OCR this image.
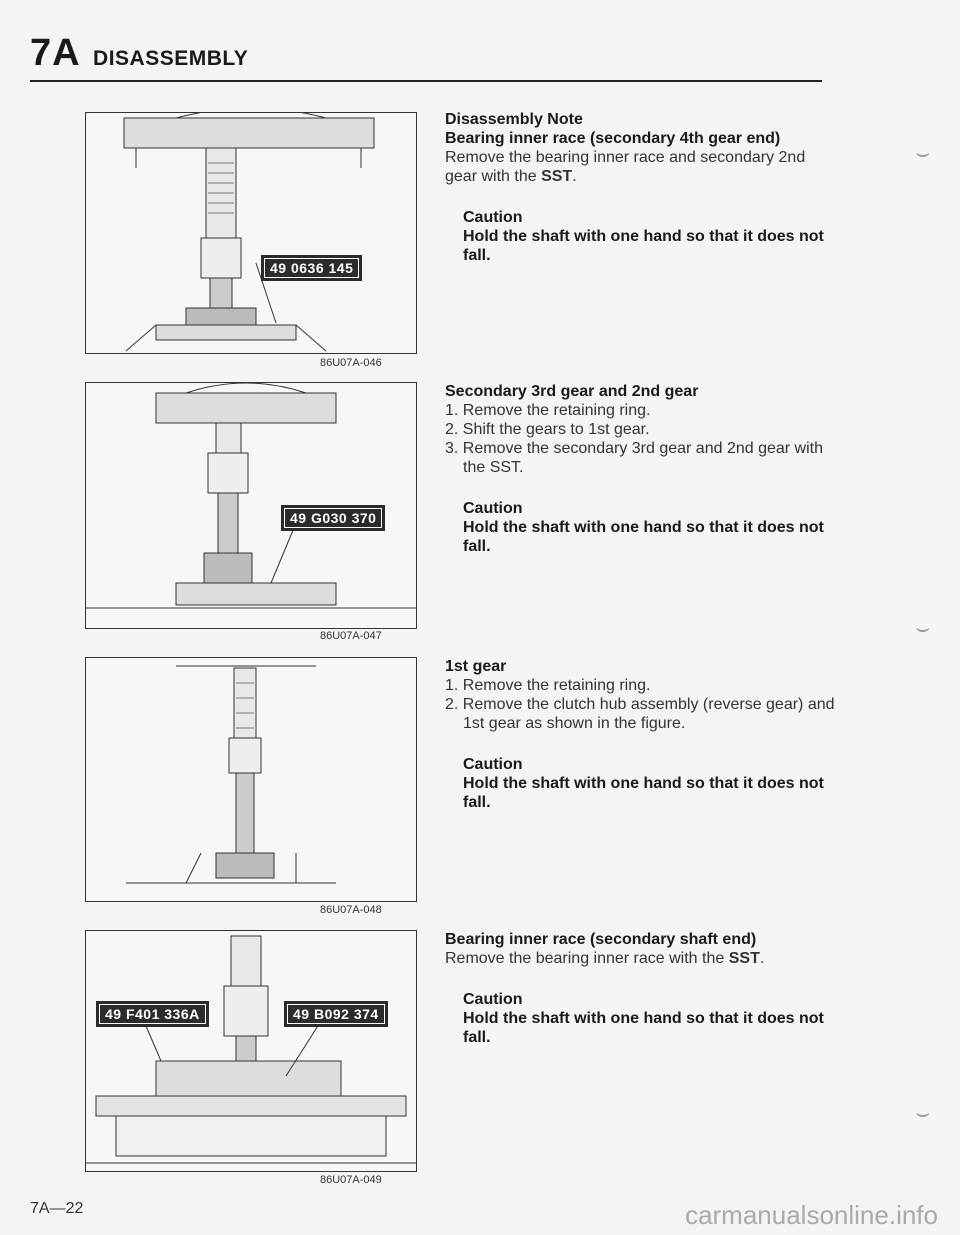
7A DISASSEMBLY
49 0636 145
86U07A-046
Disassembly Note
Bearing inner race (secondary 4th gear end)
Remove the bearing inner race and secondary 2nd gear with the SST.
Caution
Hold the shaft with one hand so that it does not fall.
49 G030 370
86U07A-047
Secondary 3rd gear and 2nd gear
1. Remove the retaining ring.
2. Shift the gears to 1st gear.
3. Remove the secondary 3rd gear and 2nd gear with the SST.
Caution
Hold the shaft with one hand so that it does not fall.
86U07A-048
1st gear
1. Remove the retaining ring.
2. Remove the clutch hub assembly (reverse gear) and 1st gear as shown in the figure.
Caution
Hold the shaft with one hand so that it does not fall.
49 F401 336A	49 B092 374
86U07A-049
Bearing inner race (secondary shaft end)
Remove the bearing inner race with the SST.
Caution
Hold the shaft with one hand so that it does not fall.
⌣
⌣
⌣
7A—22	carmanualsonline.info
